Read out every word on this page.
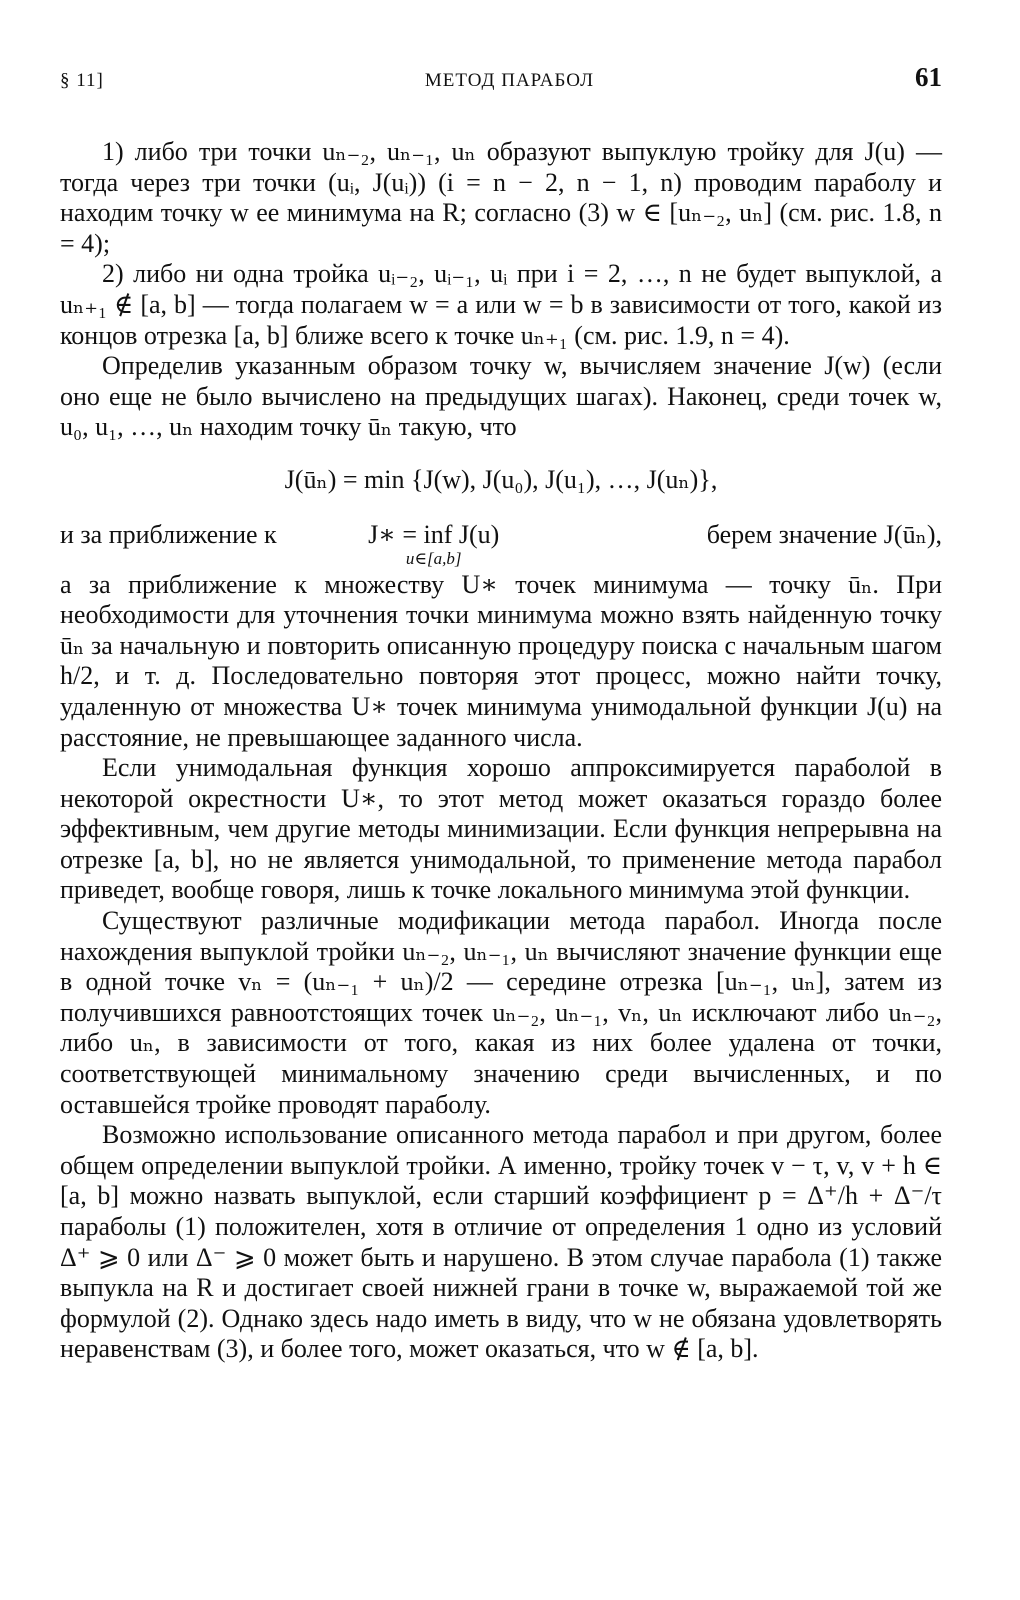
§ 11]	МЕТОД ПАРАБОЛ	61

1) либо три точки uₙ₋₂, uₙ₋₁, uₙ образуют выпуклую тройку для J(u) — тогда через три точки (uᵢ, J(uᵢ)) (i = n − 2, n − 1, n) проводим параболу и находим точку w ее минимума на R; согласно (3) w ∈ [uₙ₋₂, uₙ] (см. рис. 1.8, n = 4);

2) либо ни одна тройка uᵢ₋₂, uᵢ₋₁, uᵢ при i = 2, …, n не будет выпуклой, а uₙ₊₁ ∉ [a, b] — тогда полагаем w = a или w = b в зависимости от того, какой из концов отрезка [a, b] ближе всего к точке uₙ₊₁ (см. рис. 1.9, n = 4).

Определив указанным образом точку w, вычисляем значение J(w) (если оно еще не было вычислено на предыдущих шагах). Наконец, среди точек w, u₀, u₁, …, uₙ находим точку ūₙ такую, что

J(ūₙ) = min {J(w), J(u₀), J(u₁), …, J(uₙ)},
и за приближение к	J∗ = inf J(u)
u∈[a,b]
берем значение J(ūₙ),

а за приближение к множеству U∗ точек минимума — точку ūₙ. При необходимости для уточнения точки минимума можно взять найденную точку ūₙ за начальную и повторить описанную процедуру поиска с начальным шагом h/2, и т. д. Последовательно повторяя этот процесс, можно найти точку, удаленную от множества U∗ точек минимума унимодальной функции J(u) на расстояние, не превышающее заданного числа.

Если унимодальная функция хорошо аппроксимируется параболой в некоторой окрестности U∗, то этот метод может оказаться гораздо более эффективным, чем другие методы минимизации. Если функция непрерывна на отрезке [a, b], но не является унимодальной, то применение метода парабол приведет, вообще говоря, лишь к точке локального минимума этой функции.

Существуют различные модификации метода парабол. Иногда после нахождения выпуклой тройки uₙ₋₂, uₙ₋₁, uₙ вычисляют значение функции еще в одной точке vₙ = (uₙ₋₁ + uₙ)/2 — середине отрезка [uₙ₋₁, uₙ], затем из получившихся равноотстоящих точек uₙ₋₂, uₙ₋₁, vₙ, uₙ исключают либо uₙ₋₂, либо uₙ, в зависимости от того, какая из них более удалена от точки, соответствующей минимальному значению среди вычисленных, и по оставшейся тройке проводят параболу.

Возможно использование описанного метода парабол и при другом, более общем определении выпуклой тройки. А именно, тройку точек v − τ, v, v + h ∈ [a, b] можно назвать выпуклой, если старший коэффициент p = Δ⁺/h + Δ⁻/τ параболы (1) положителен, хотя в отличие от определения 1 одно из условий Δ⁺ ⩾ 0 или Δ⁻ ⩾ 0 может быть и нарушено. В этом случае парабола (1) также выпукла на R и достигает своей нижней грани в точке w, выражаемой той же формулой (2). Однако здесь надо иметь в виду, что w не обязана удовлетворять неравенствам (3), и более того, может оказаться, что w ∉ [a, b].
